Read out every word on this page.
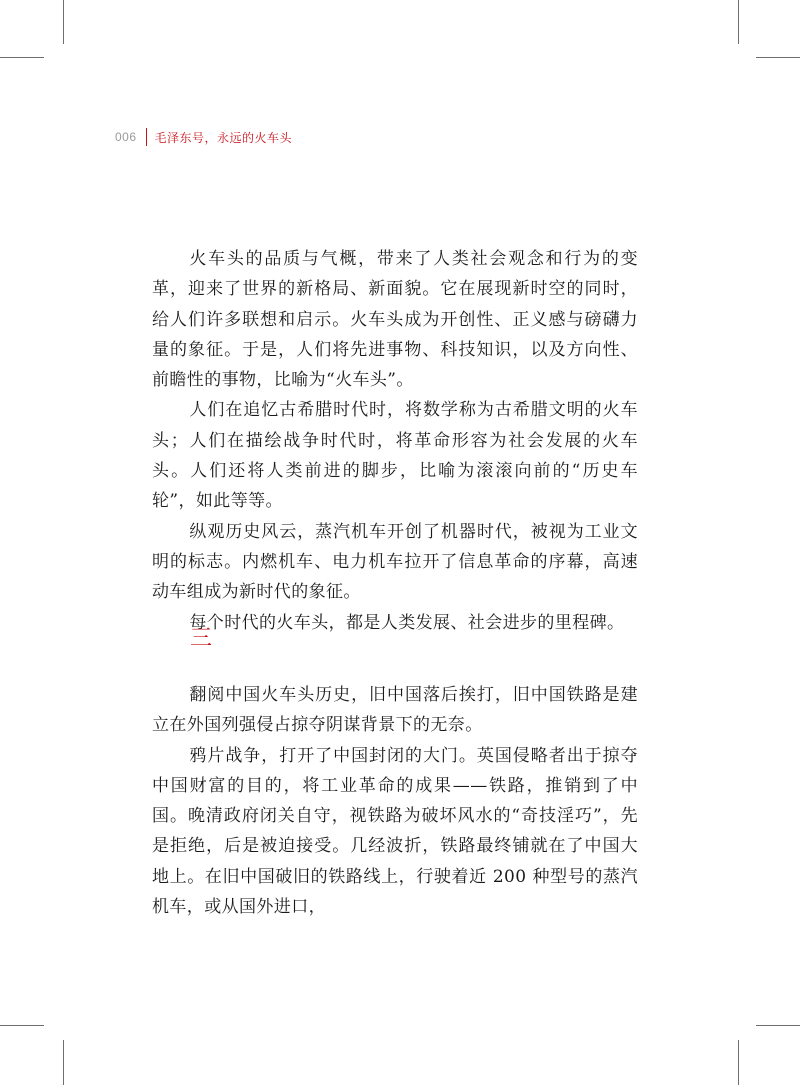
006 毛泽东号，永远的火车头

火车头的品质与气概，带来了人类社会观念和行为的变革，迎来了世界的新格局、新面貌。它在展现新时空的同时，给人们许多联想和启示。火车头成为开创性、正义感与磅礴力量的象征。于是，人们将先进事物、科技知识，以及方向性、前瞻性的事物，比喻为“火车头”。

人们在追忆古希腊时代时，将数学称为古希腊文明的火车头；人们在描绘战争时代时，将革命形容为社会发展的火车头。人们还将人类前进的脚步，比喻为滚滚向前的“历史车轮”，如此等等。

纵观历史风云，蒸汽机车开创了机器时代，被视为工业文明的标志。内燃机车、电力机车拉开了信息革命的序幕，高速动车组成为新时代的象征。

每个时代的火车头，都是人类发展、社会进步的里程碑。

三

翻阅中国火车头历史，旧中国落后挨打，旧中国铁路是建立在外国列强侵占掠夺阴谋背景下的无奈。

鸦片战争，打开了中国封闭的大门。英国侵略者出于掠夺中国财富的目的，将工业革命的成果——铁路，推销到了中国。晚清政府闭关自守，视铁路为破坏风水的“奇技淫巧”，先是拒绝，后是被迫接受。几经波折，铁路最终铺就在了中国大地上。在旧中国破旧的铁路线上，行驶着近 200 种型号的蒸汽机车，或从国外进口，
